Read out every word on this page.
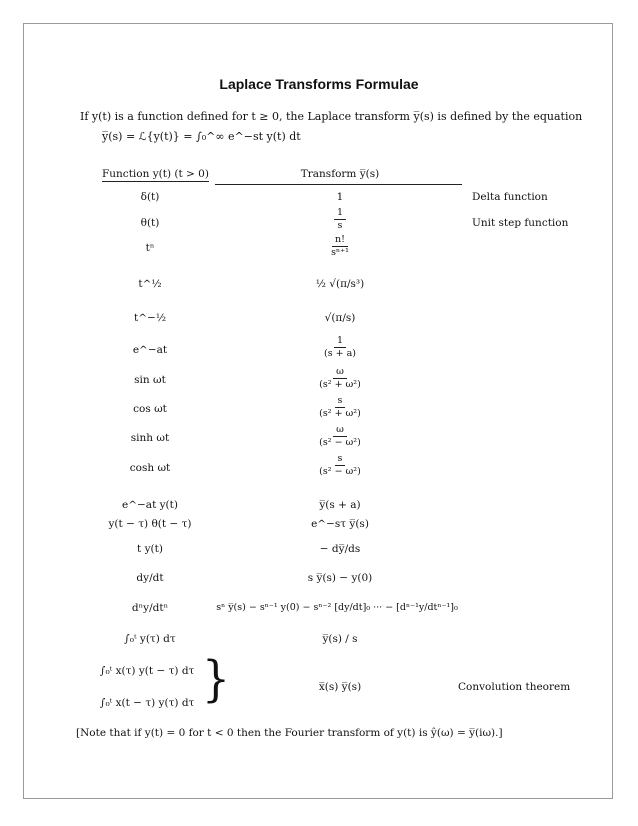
Laplace Transforms Formulae
If y(t) is a function defined for t ≥ 0, the Laplace transform y̅(s) is defined by the equation
y̅(s) = ℒ{y(t)} = ∫₀^∞ e^−st y(t) dt
Function y(t) (t > 0)	Transform y̅(s)
δ(t)	1	Delta function
θ(t)	$\frac{1}{s}$	Unit step function
tⁿ	$\frac{n!}{\text{sⁿ⁺¹}}$
t^½	½ √(π/s³)
t^−½	√(π/s)
e^−at	$\frac{1}{(s + a)}$
sin ωt	$\frac{\omega}{\text{(s² + ω²)}}$
cos ωt	$\frac{s}{\text{(s² + ω²)}}$
sinh ωt	$\frac{\omega}{\text{(s² − ω²)}}$
cosh ωt	$\frac{s}{\text{(s² − ω²)}}$
e^−at y(t)	y̅(s + a)
y(t − τ) θ(t − τ)	e^−sτ y̅(s)
t y(t)	− dy̅/ds
dy/dt	s y̅(s) − y(0)
dⁿy/dtⁿ	sⁿ y̅(s) − sⁿ⁻¹ y(0) − sⁿ⁻² [dy/dt]₀ ··· − [dⁿ⁻¹y/dtⁿ⁻¹]₀
∫₀ᵗ y(τ) dτ	y̅(s) / s
∫₀ᵗ x(τ) y(t − τ) dτ
∫₀ᵗ x(t − τ) y(τ) dτ }	x̅(s) y̅(s)	Convolution theorem
[Note that if y(t) = 0 for t < 0 then the Fourier transform of y(t) is ŷ(ω) = y̅(iω).]
